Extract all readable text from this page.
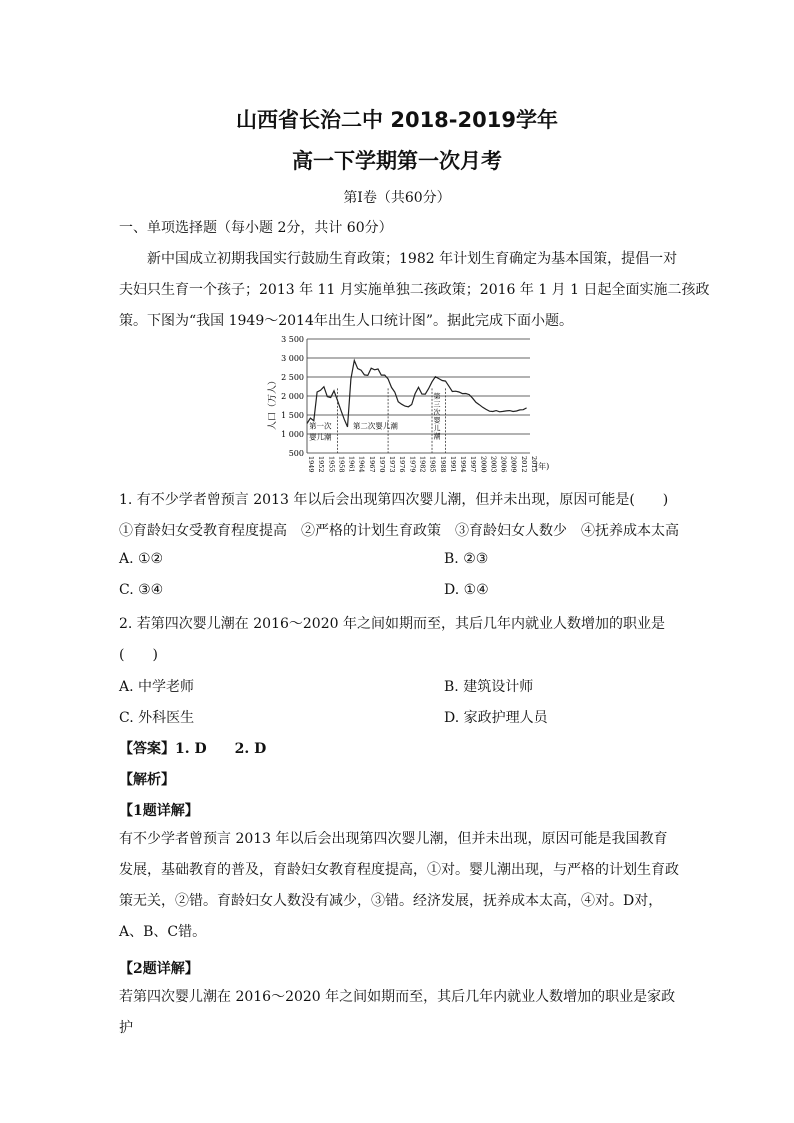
山西省长治二中 2018-2019学年
高一下学期第一次月考
第Ⅰ卷（共60分）
一、单项选择题（每小题 2分，共计 60分）
新中国成立初期我国实行鼓励生育政策；1982 年计划生育确定为基本国策，提倡一对
夫妇只生育一个孩子；2013 年 11 月实施单独二孩政策；2016 年 1 月 1 日起全面实施二孩政
策。下图为“我国 1949～2014年出生人口统计图”。据此完成下面小题。
3 500
3 000
2 500
2 000
1 500
1 000
500
1949 1952 1955 1958 1961 1964 1967 1970 1973 1976 1979 1982 1985 1988 1991 1994 1997 2000 2003 2006 2009 2012 2015
第一次
婴儿潮
第二次婴儿潮
第三次婴儿潮
人口（万人）
(年)
1. 有不少学者曾预言 2013 年以后会出现第四次婴儿潮，但并未出现，原因可能是(　　)
①育龄妇女受教育程度提高　②严格的计划生育政策　③育龄妇女人数少　④抚养成本太高
A. ①②	B. ②③
C. ③④	D. ①④
2. 若第四次婴儿潮在 2016～2020 年之间如期而至，其后几年内就业人数增加的职业是
(　　)
A. 中学老师	B. 建筑设计师
C. 外科医生	D. 家政护理人员
【答案】1. D　　2. D
【解析】
【1题详解】
有不少学者曾预言 2013 年以后会出现第四次婴儿潮，但并未出现，原因可能是我国教育发展，基础教育的普及，育龄妇女教育程度提高，①对。婴儿潮出现，与严格的计划生育政策无关，②错。育龄妇女人数没有减少，③错。经济发展，抚养成本太高，④对。D对，A、B、C错。
【2题详解】
若第四次婴儿潮在 2016～2020 年之间如期而至，其后几年内就业人数增加的职业是家政护
